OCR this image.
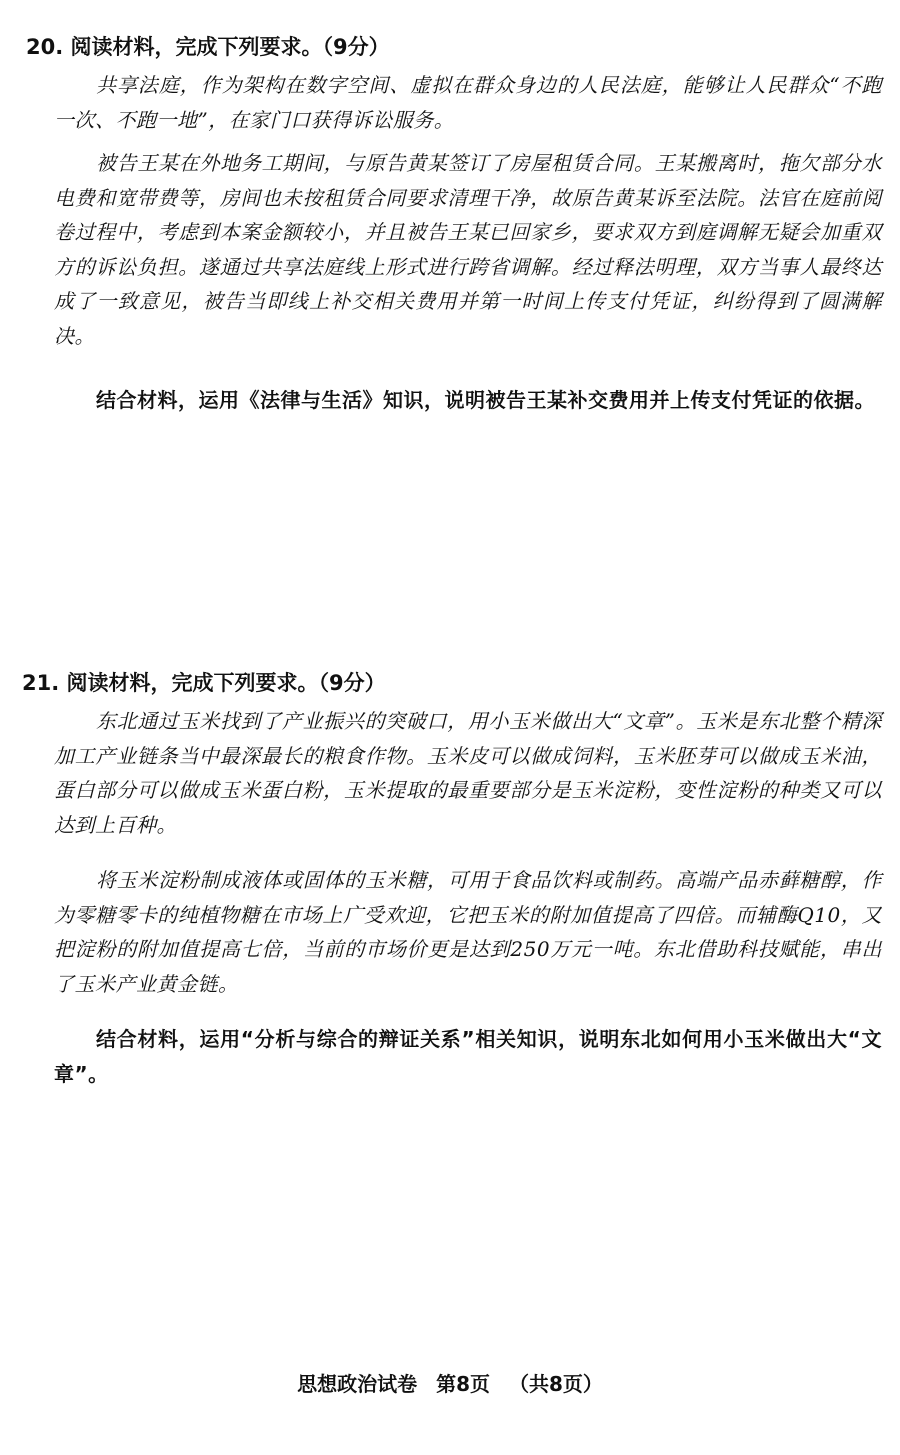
20. 阅读材料，完成下列要求。（9分）

共享法庭，作为架构在数字空间、虚拟在群众身边的人民法庭，能够让人民群众“不跑一次、不跑一地”，在家门口获得诉讼服务。

被告王某在外地务工期间，与原告黄某签订了房屋租赁合同。王某搬离时，拖欠部分水电费和宽带费等，房间也未按租赁合同要求清理干净，故原告黄某诉至法院。法官在庭前阅卷过程中，考虑到本案金额较小，并且被告王某已回家乡，要求双方到庭调解无疑会加重双方的诉讼负担。遂通过共享法庭线上形式进行跨省调解。经过释法明理，双方当事人最终达成了一致意见，被告当即线上补交相关费用并第一时间上传支付凭证，纠纷得到了圆满解决。

结合材料，运用《法律与生活》知识，说明被告王某补交费用并上传支付凭证的依据。

21. 阅读材料，完成下列要求。（9分）

东北通过玉米找到了产业振兴的突破口，用小玉米做出大“文章”。玉米是东北整个精深加工产业链条当中最深最长的粮食作物。玉米皮可以做成饲料，玉米胚芽可以做成玉米油，蛋白部分可以做成玉米蛋白粉，玉米提取的最重要部分是玉米淀粉，变性淀粉的种类又可以达到上百种。

将玉米淀粉制成液体或固体的玉米糖，可用于食品饮料或制药。高端产品赤藓糖醇，作为零糖零卡的纯植物糖在市场上广受欢迎，它把玉米的附加值提高了四倍。而辅酶Q10，又把淀粉的附加值提高七倍，当前的市场价更是达到250万元一吨。东北借助科技赋能，串出了玉米产业黄金链。

结合材料，运用“分析与综合的辩证关系”相关知识，说明东北如何用小玉米做出大“文章”。

思想政治试卷 第8页 （共8页）
